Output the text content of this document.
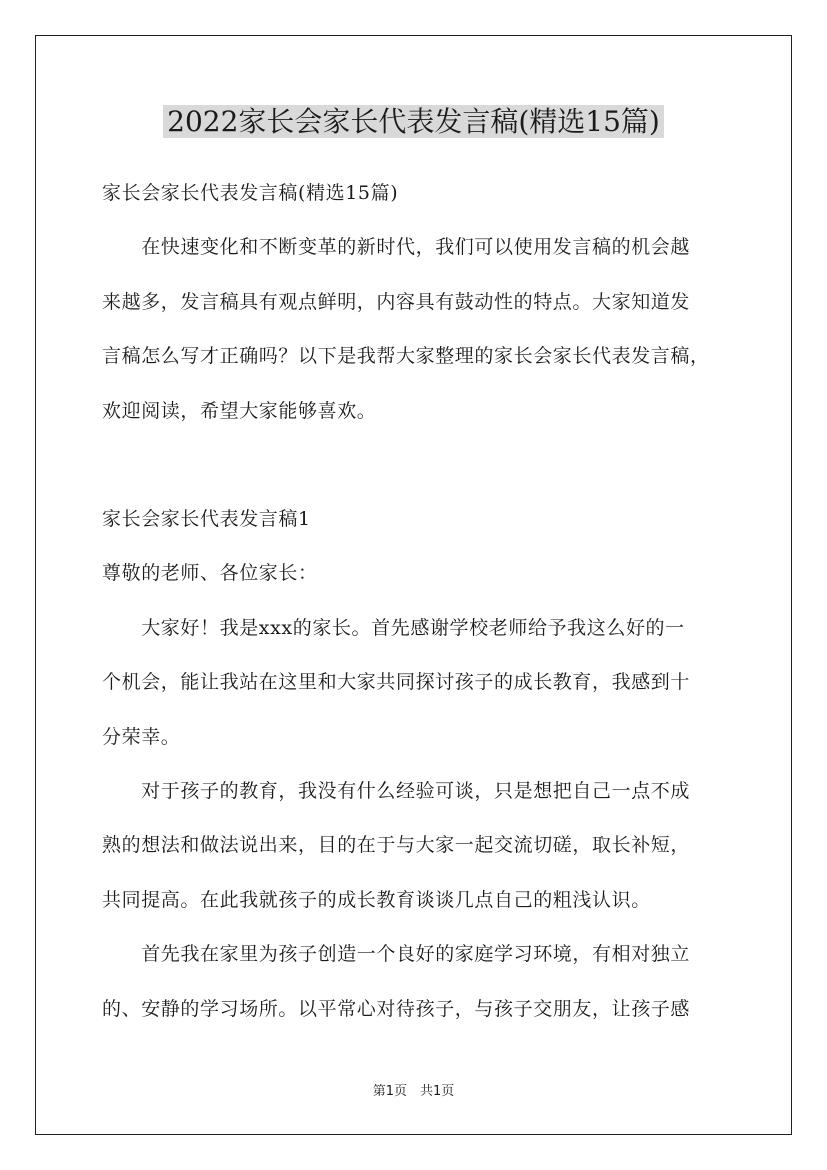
2022家长会家长代表发言稿(精选15篇)
家长会家长代表发言稿(精选15篇)
　　在快速变化和不断变革的新时代，我们可以使用发言稿的机会越
来越多，发言稿具有观点鲜明，内容具有鼓动性的特点。大家知道发
言稿怎么写才正确吗？以下是我帮大家整理的家长会家长代表发言稿，
欢迎阅读，希望大家能够喜欢。
家长会家长代表发言稿1
尊敬的老师、各位家长：
　　大家好！我是xxx的家长。首先感谢学校老师给予我这么好的一
个机会，能让我站在这里和大家共同探讨孩子的成长教育，我感到十
分荣幸。
　　对于孩子的教育，我没有什么经验可谈，只是想把自己一点不成
熟的想法和做法说出来，目的在于与大家一起交流切磋，取长补短，
共同提高。在此我就孩子的成长教育谈谈几点自己的粗浅认识。
　　首先我在家里为孩子创造一个良好的家庭学习环境，有相对独立
的、安静的学习场所。以平常心对待孩子，与孩子交朋友，让孩子感
第1页　共1页
